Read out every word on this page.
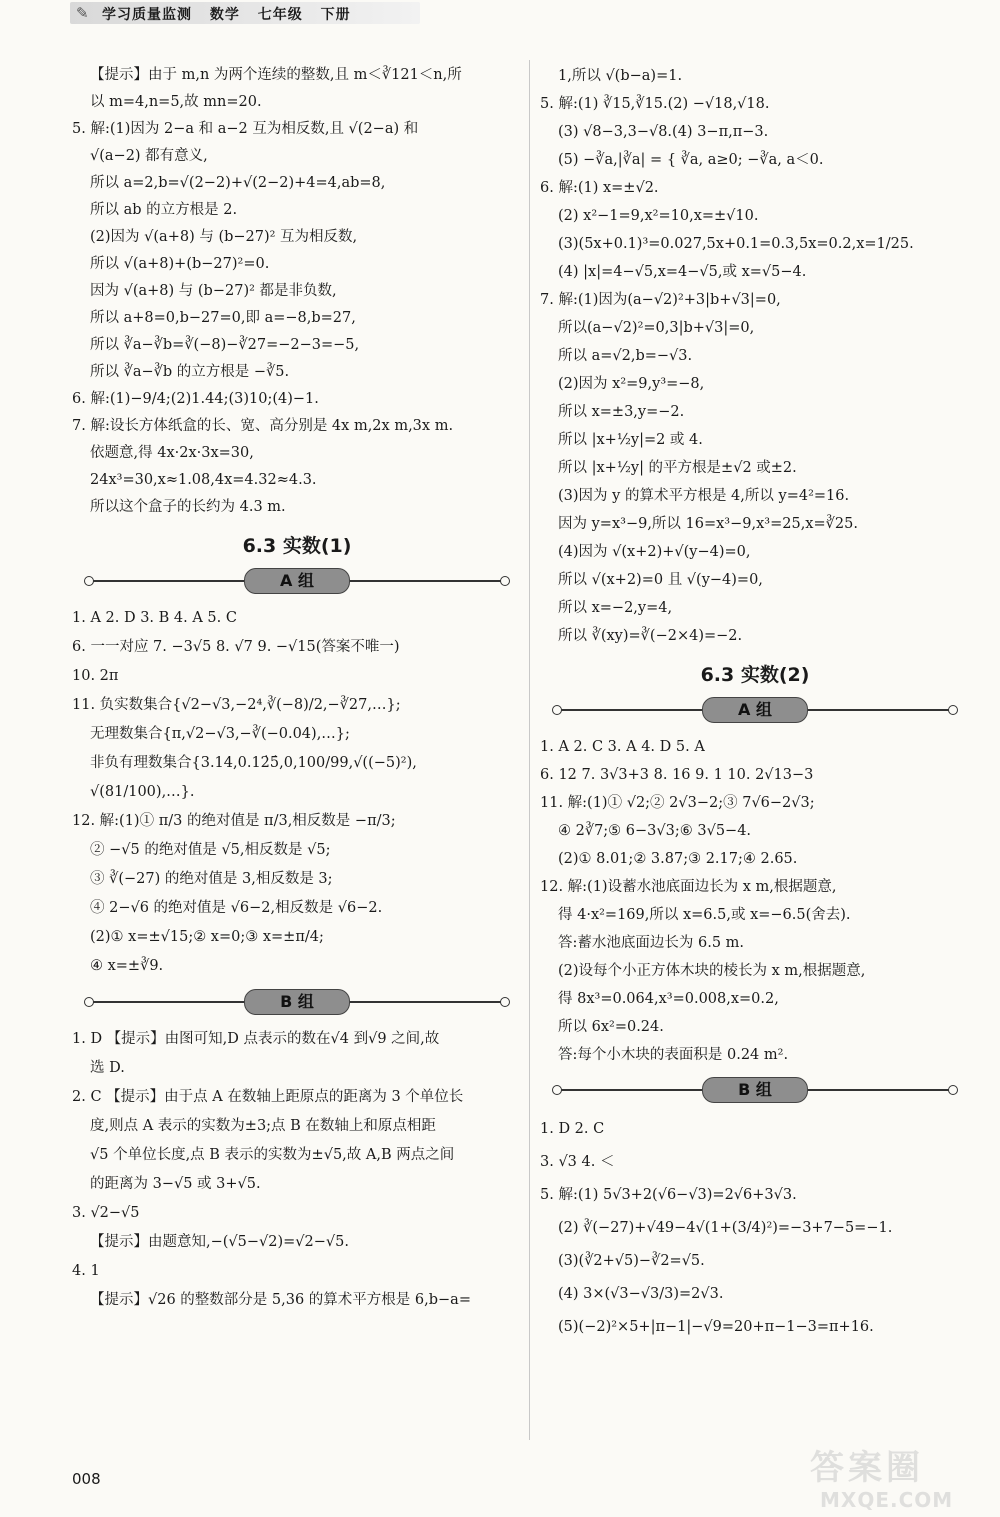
✎ 学习质量监测 数学 七年级 下册
【提示】由于 m,n 为两个连续的整数,且 m＜∛121＜n,所
以 m=4,n=5,故 mn=20.
5. 解:(1)因为 2−a 和 a−2 互为相反数,且 √(2−a) 和
√(a−2) 都有意义,
所以 a=2,b=√(2−2)+√(2−2)+4=4,ab=8,
所以 ab 的立方根是 2.
(2)因为 √(a+8) 与 (b−27)² 互为相反数,
所以 √(a+8)+(b−27)²=0.
因为 √(a+8) 与 (b−27)² 都是非负数,
所以 a+8=0,b−27=0,即 a=−8,b=27,
所以 ∛a−∛b=∛(−8)−∛27=−2−3=−5,
所以 ∛a−∛b 的立方根是 −∛5.
6. 解:(1)−9/4;(2)1.44;(3)10;(4)−1.
7. 解:设长方体纸盒的长、宽、高分别是 4x m,2x m,3x m.
依题意,得 4x·2x·3x=30,
24x³=30,x≈1.08,4x=4.32≈4.3.
所以这个盒子的长约为 4.3 m.
6.3 实数(1)
A 组
1. A 2. D 3. B 4. A 5. C
6. 一一对应 7. −3√5 8. √7 9. −√15(答案不唯一)
10. 2π
11. 负实数集合{√2−√3,−2⁴,∛(−8)/2,−∛27,…};
无理数集合{π,√2−√3,−∛(−0.04),…};
非负有理数集合{3.14,0.12̇5̇,0,100/99,√((−5)²),
√(81/100),…}.
12. 解:(1)① π/3 的绝对值是 π/3,相反数是 −π/3;
② −√5 的绝对值是 √5,相反数是 √5;
③ ∛(−27) 的绝对值是 3,相反数是 3;
④ 2−√6 的绝对值是 √6−2,相反数是 √6−2.
(2)① x=±√15;② x=0;③ x=±π/4;
④ x=±∛9.
B 组
1. D 【提示】由图可知,D 点表示的数在√4 到√9 之间,故
选 D.
2. C 【提示】由于点 A 在数轴上距原点的距离为 3 个单位长
度,则点 A 表示的实数为±3;点 B 在数轴上和原点相距
√5 个单位长度,点 B 表示的实数为±√5,故 A,B 两点之间
的距离为 3−√5 或 3+√5.
3. √2−√5
【提示】由题意知,−(√5−√2)=√2−√5.
4. 1
【提示】√26 的整数部分是 5,36 的算术平方根是 6,b−a=
1,所以 √(b−a)=1.
5. 解:(1) ∛15,∛15.(2) −√18,√18.
(3) √8−3,3−√8.(4) 3−π,π−3.
(5) −∛a,|∛a| = { ∛a, a≥0; −∛a, a＜0.
6. 解:(1) x=±√2.
(2) x²−1=9,x²=10,x=±√10.
(3)(5x+0.1)³=0.027,5x+0.1=0.3,5x=0.2,x=1/25.
(4) |x|=4−√5,x=4−√5,或 x=√5−4.
7. 解:(1)因为(a−√2)²+3|b+√3|=0,
所以(a−√2)²=0,3|b+√3|=0,
所以 a=√2,b=−√3.
(2)因为 x²=9,y³=−8,
所以 x=±3,y=−2.
所以 |x+½y|=2 或 4.
所以 |x+½y| 的平方根是±√2 或±2.
(3)因为 y 的算术平方根是 4,所以 y=4²=16.
因为 y=x³−9,所以 16=x³−9,x³=25,x=∛25.
(4)因为 √(x+2)+√(y−4)=0,
所以 √(x+2)=0 且 √(y−4)=0,
所以 x=−2,y=4,
所以 ∛(xy)=∛(−2×4)=−2.
6.3 实数(2)
A 组
1. A 2. C 3. A 4. D 5. A
6. 12 7. 3√3+3 8. 16 9. 1 10. 2√13−3
11. 解:(1)① √2;② 2√3−2;③ 7√6−2√3;
④ 2∛7;⑤ 6−3√3;⑥ 3√5−4.
(2)① 8.01;② 3.87;③ 2.17;④ 2.65.
12. 解:(1)设蓄水池底面边长为 x m,根据题意,
得 4·x²=169,所以 x=6.5,或 x=−6.5(舍去).
答:蓄水池底面边长为 6.5 m.
(2)设每个小正方体木块的棱长为 x m,根据题意,
得 8x³=0.064,x³=0.008,x=0.2,
所以 6x²=0.24.
答:每个小木块的表面积是 0.24 m².
B 组
1. D 2. C
3. √3 4. ＜
5. 解:(1) 5√3+2(√6−√3)=2√6+3√3.
(2) ∛(−27)+√49−4√(1+(3/4)²)=−3+7−5=−1.
(3)(∛2+√5)−∛2=√5.
(4) 3×(√3−√3/3)=2√3.
(5)(−2)²×5+|π−1|−√9=20+π−1−3=π+16.
008	答案圈
MXQE.COM
